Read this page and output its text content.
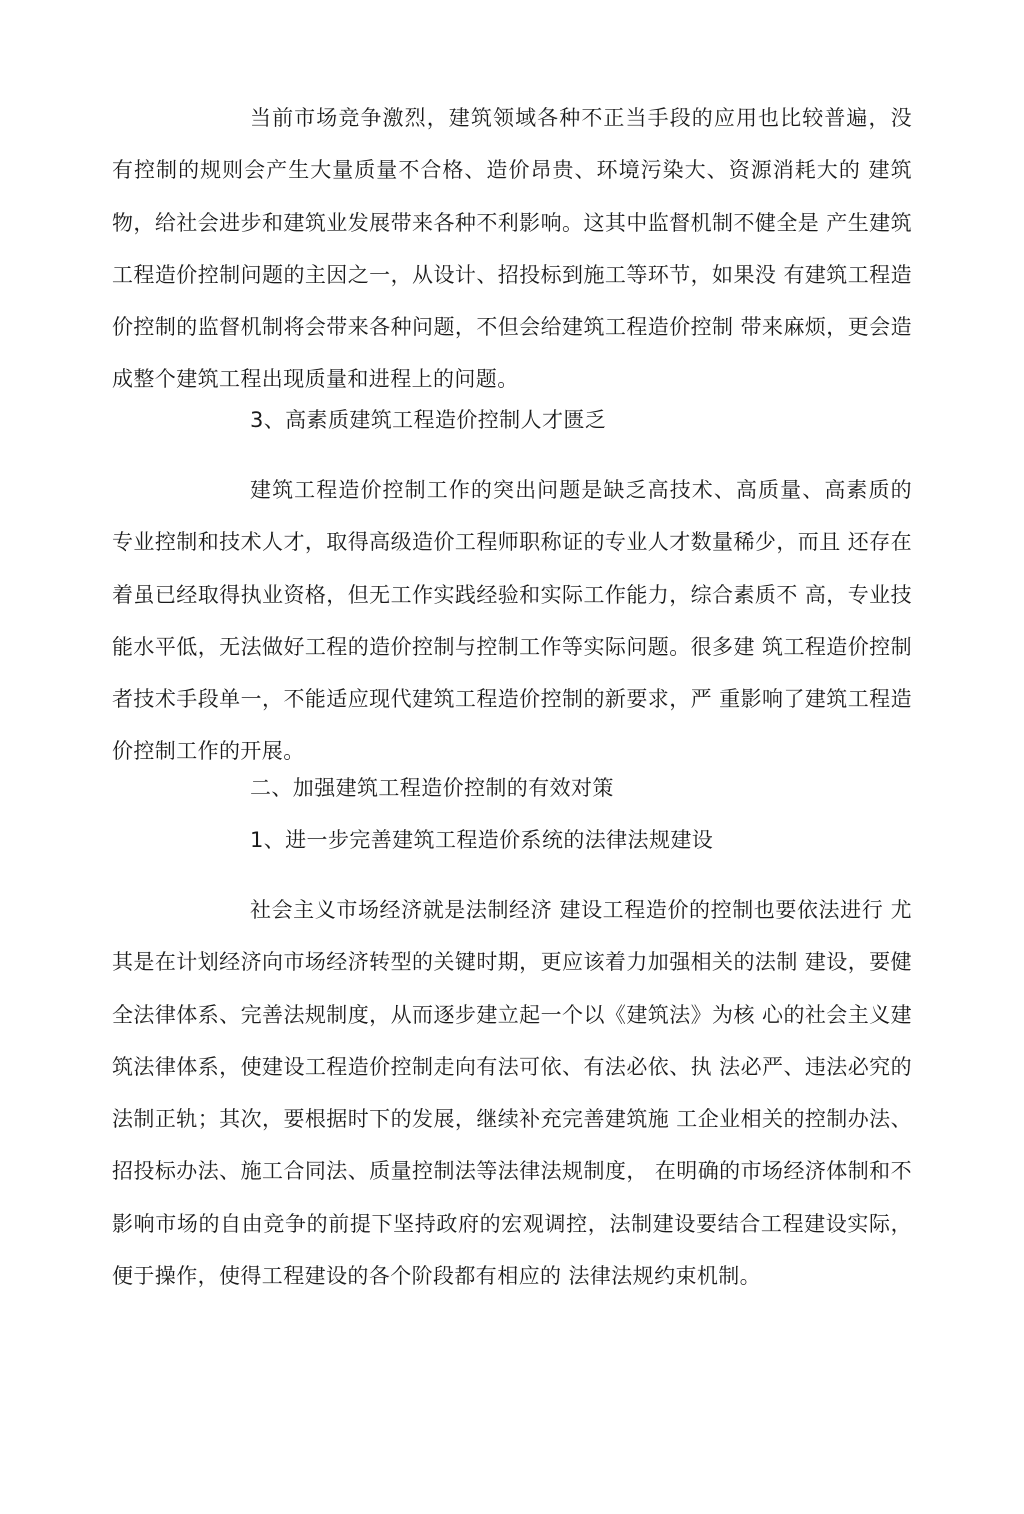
当前市场竞争激烈，建筑领域各种不正当手段的应用也比较普遍，没有控制的规则会产生大量质量不合格、造价昂贵、环境污染大、资源消耗大的 建筑物，给社会进步和建筑业发展带来各种不利影响。这其中监督机制不健全是 产生建筑工程造价控制问题的主因之一，从设计、招投标到施工等环节，如果没 有建筑工程造价控制的监督机制将会带来各种问题，不但会给建筑工程造价控制 带来麻烦，更会造成整个建筑工程出现质量和进程上的问题。

3、高素质建筑工程造价控制人才匮乏

建筑工程造价控制工作的突出问题是缺乏高技术、高质量、高素质的专业控制和技术人才，取得高级造价工程师职称证的专业人才数量稀少，而且 还存在着虽已经取得执业资格，但无工作实践经验和实际工作能力，综合素质不 高，专业技能水平低，无法做好工程的造价控制与控制工作等实际问题。很多建 筑工程造价控制者技术手段单一，不能适应现代建筑工程造价控制的新要求，严 重影响了建筑工程造价控制工作的开展。

二、加强建筑工程造价控制的有效对策
1、进一步完善建筑工程造价系统的法律法规建设

社会主义市场经济就是法制经济 建设工程造价的控制也要依法进行 尤其是在计划经济向市场经济转型的关键时期，更应该着力加强相关的法制 建设，要健全法律体系、完善法规制度，从而逐步建立起一个以《建筑法》为核 心的社会主义建筑法律体系，使建设工程造价控制走向有法可依、有法必依、执 法必严、违法必究的法制正轨；其次，要根据时下的发展，继续补充完善建筑施 工企业相关的控制办法、招投标办法、施工合同法、质量控制法等法律法规制度， 在明确的市场经济体制和不影响市场的自由竞争的前提下坚持政府的宏观调控，法制建设要结合工程建设实际，便于操作，使得工程建设的各个阶段都有相应的 法律法规约束机制。
